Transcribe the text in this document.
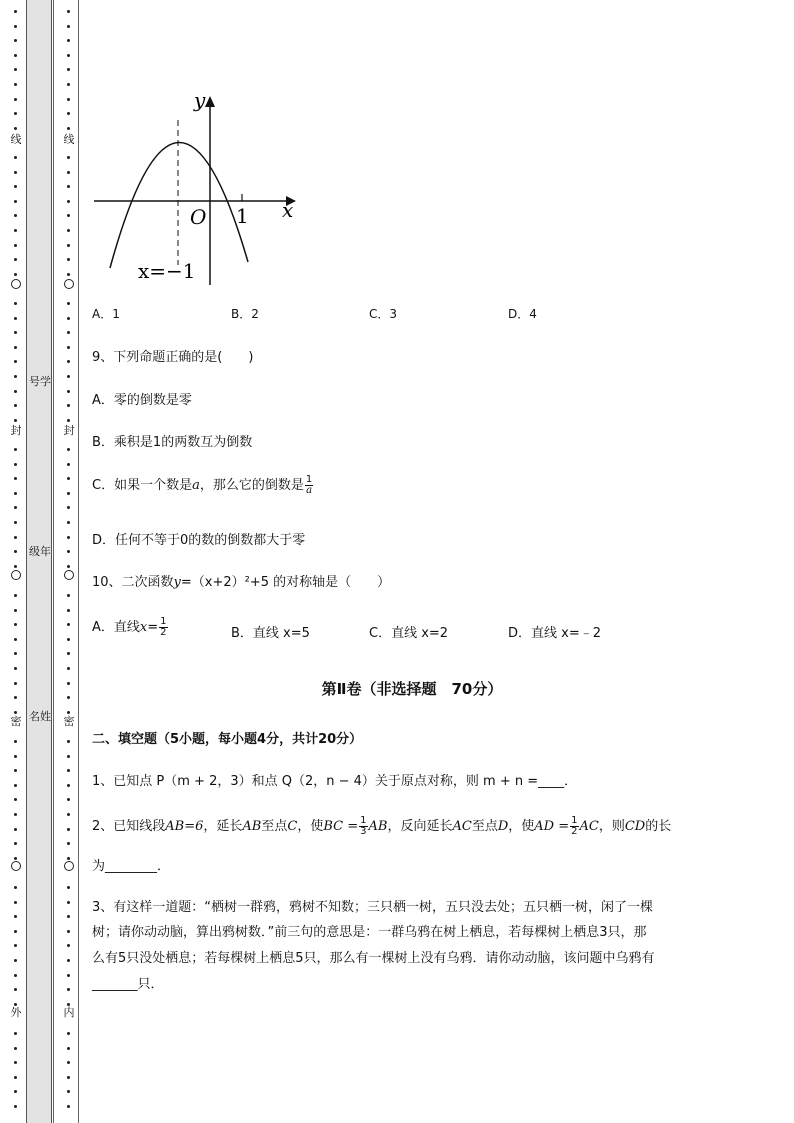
号学
级年
名姓
线
封
密
外
线
封
密
内
y
x
O 1
x=−1
A．1	B．2	C．3	D．4
9、下列命题正确的是(　　)
A．零的倒数是零
B．乘积是1的两数互为倒数
C．如果一个数是a，那么它的倒数是 $\frac{1}{a}$
D．任何不等于0的数的倒数都大于零
10、二次函数y=（x+2）²+5 的对称轴是（　　）
A．直线$x= \frac{1}{2}$	B．直线 x=5	C．直线 x=2	D．直线 x=﹣2
第Ⅱ卷（非选择题　70分）
二、填空题（5小题，每小题4分，共计20分）
1、已知点 P（m + 2，3）和点 Q（2，n − 4）关于原点对称，则 m + n =____．
2、已知线段AB=6，延长AB至点C，使BC = $\frac{1}{3}$ AB，反向延长AC至点D，使AD = $\frac{1}{2}$ AC，则CD的长
为________．
3、有这样一道题：“栖树一群鸦，鸦树不知数；三只栖一树，五只没去处；五只栖一树，闲了一棵
树；请你动动脑，算出鸦树数．”前三句的意思是：一群乌鸦在树上栖息，若每棵树上栖息3只，那
么有5只没处栖息；若每棵树上栖息5只，那么有一棵树上没有乌鸦．请你动动脑，该问题中乌鸦有
_______只．
